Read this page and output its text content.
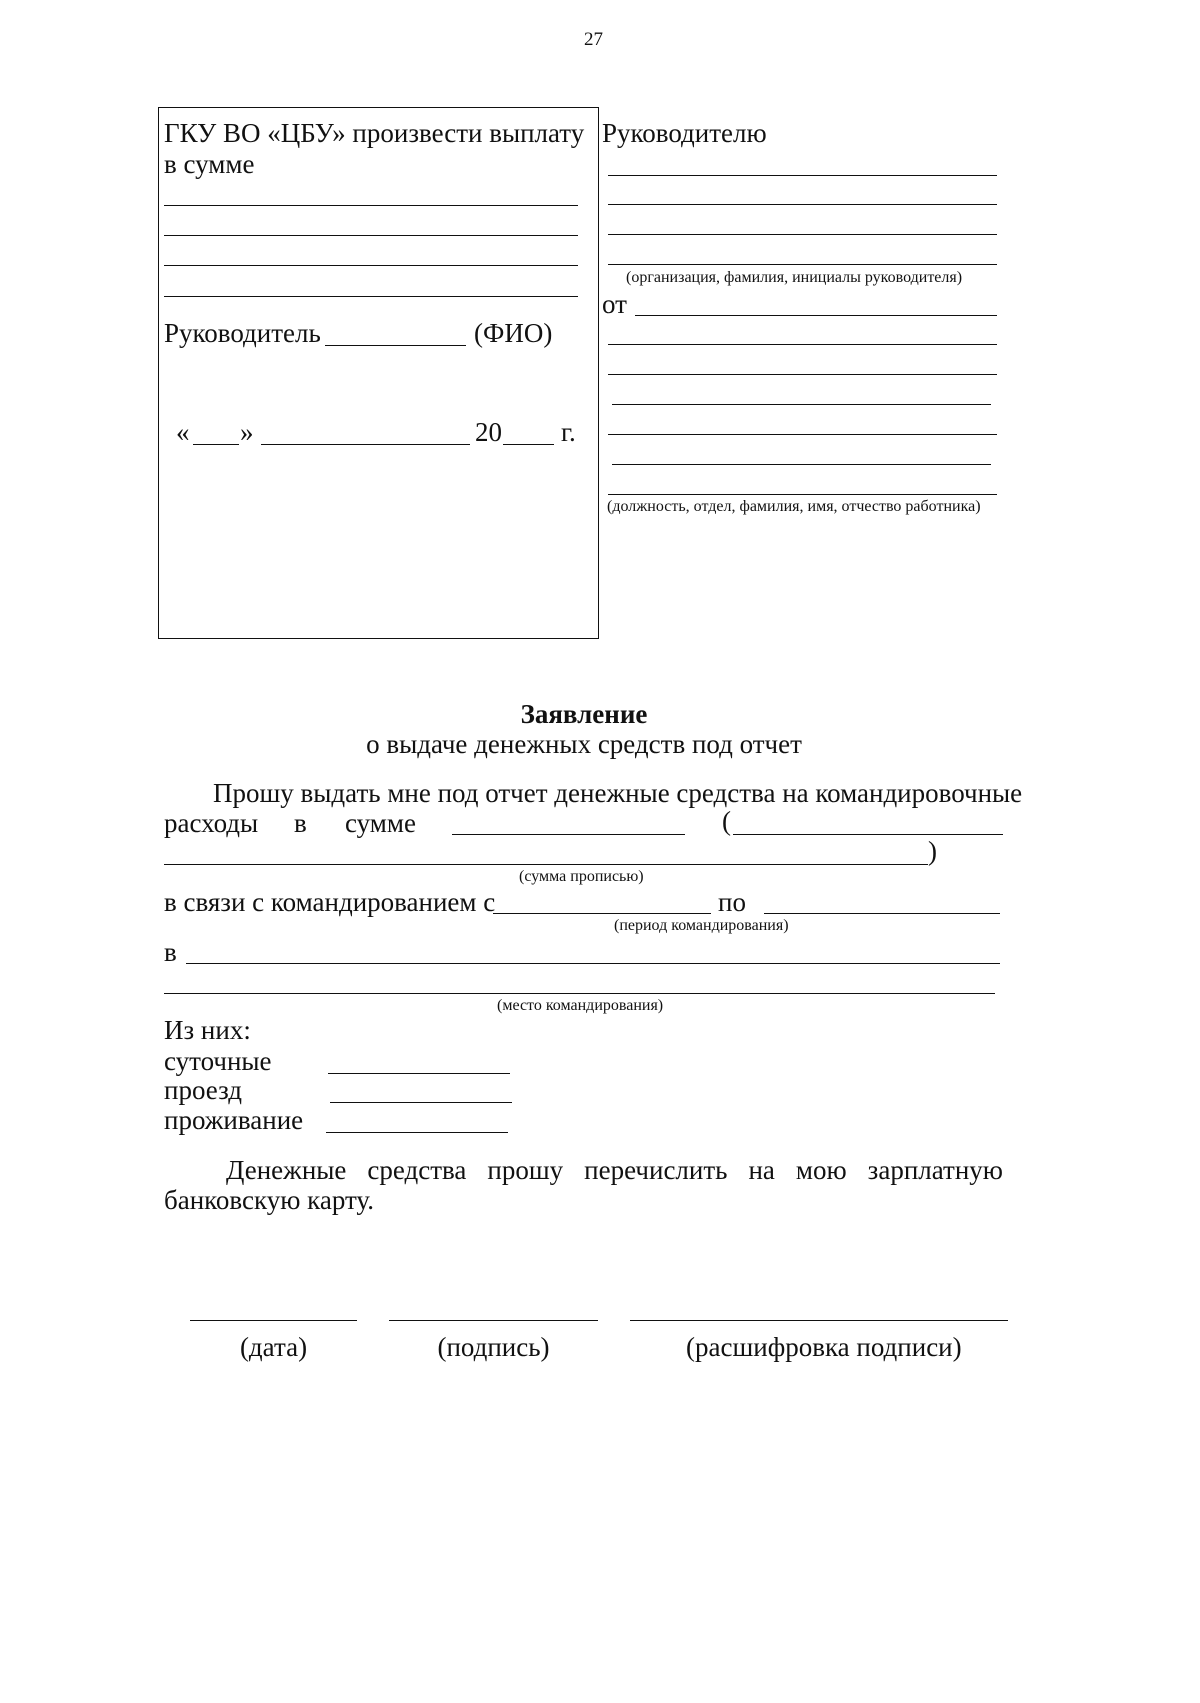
27
ГКУ ВО «ЦБУ» произвести выплату
в сумме
Руководитель	(ФИО)
« »	20 г.
Руководителю
(организация, фамилия, инициалы руководителя)
от
(должность, отдел, фамилия, имя, отчество работника)
Заявление
о выдаче денежных средств под отчет
Прошу выдать мне под отчет денежные средства на командировочные
расходы в сумме	(
)
(сумма прописью)
в связи с командированием с	по
(период командирования)
в
(место командирования)
Из них:
суточные
проезд
проживание
Денежные средства прошу перечислить на мою зарплатную
банковскую карту.
(дата)	(подпись)	(расшифровка подписи)
